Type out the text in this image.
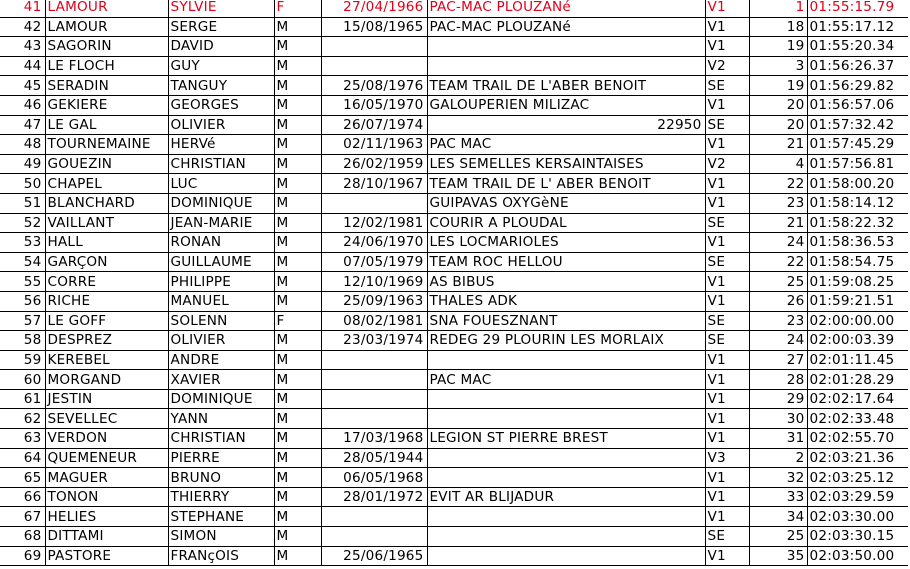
41	LAMOUR	SYLVIE	F	27/04/1966	PAC-MAC PLOUZANé		V1	1	01:55:15.79
42	LAMOUR	SERGE	M	15/08/1965	PAC-MAC PLOUZANé		V1	18	01:55:17.12
43	SAGORIN	DAVID	M				V1	19	01:55:20.34
44	LE FLOCH	GUY	M				V2	3	01:56:26.37
45	SERADIN	TANGUY	M	25/08/1976	TEAM TRAIL DE L'ABER BENOIT		SE	19	01:56:29.82
46	GEKIERE	GEORGES	M	16/05/1970	GALOUPERIEN MILIZAC		V1	20	01:56:57.06
47	LE GAL	OLIVIER	M	26/07/1974		22950	SE	20	01:57:32.42
48	TOURNEMAINE	HERVé	M	02/11/1963	PAC MAC		V1	21	01:57:45.29
49	GOUEZIN	CHRISTIAN	M	26/02/1959	LES SEMELLES KERSAINTAISES		V2	4	01:57:56.81
50	CHAPEL	LUC	M	28/10/1967	TEAM TRAIL DE L' ABER BENOIT		V1	22	01:58:00.20
51	BLANCHARD	DOMINIQUE	M		GUIPAVAS OXYGèNE		V1	23	01:58:14.12
52	VAILLANT	JEAN-MARIE	M	12/02/1981	COURIR A PLOUDAL		SE	21	01:58:22.32
53	HALL	RONAN	M	24/06/1970	LES LOCMARIOLES		V1	24	01:58:36.53
54	GARÇON	GUILLAUME	M	07/05/1979	TEAM ROC HELLOU		SE	22	01:58:54.75
55	CORRE	PHILIPPE	M	12/10/1969	AS BIBUS		V1	25	01:59:08.25
56	RICHE	MANUEL	M	25/09/1963	THALES ADK		V1	26	01:59:21.51
57	LE GOFF	SOLENN	F	08/02/1981	SNA FOUESZNANT		SE	23	02:00:00.00
58	DESPREZ	OLIVIER	M	23/03/1974	REDEG 29 PLOURIN LES MORLAIX		SE	24	02:00:03.39
59	KEREBEL	ANDRE	M				V1	27	02:01:11.45
60	MORGAND	XAVIER	M		PAC MAC		V1	28	02:01:28.29
61	JESTIN	DOMINIQUE	M				V1	29	02:02:17.64
62	SEVELLEC	YANN	M				V1	30	02:02:33.48
63	VERDON	CHRISTIAN	M	17/03/1968	LEGION ST PIERRE BREST		V1	31	02:02:55.70
64	QUEMENEUR	PIERRE	M	28/05/1944			V3	2	02:03:21.36
65	MAGUER	BRUNO	M	06/05/1968			V1	32	02:03:25.12
66	TONON	THIERRY	M	28/01/1972	EVIT AR BLIJADUR		V1	33	02:03:29.59
67	HELIES	STEPHANE	M				V1	34	02:03:30.00
68	DITTAMI	SIMON	M				SE	25	02:03:30.15
69	PASTORE	FRANçOIS	M	25/06/1965			V1	35	02:03:50.00
